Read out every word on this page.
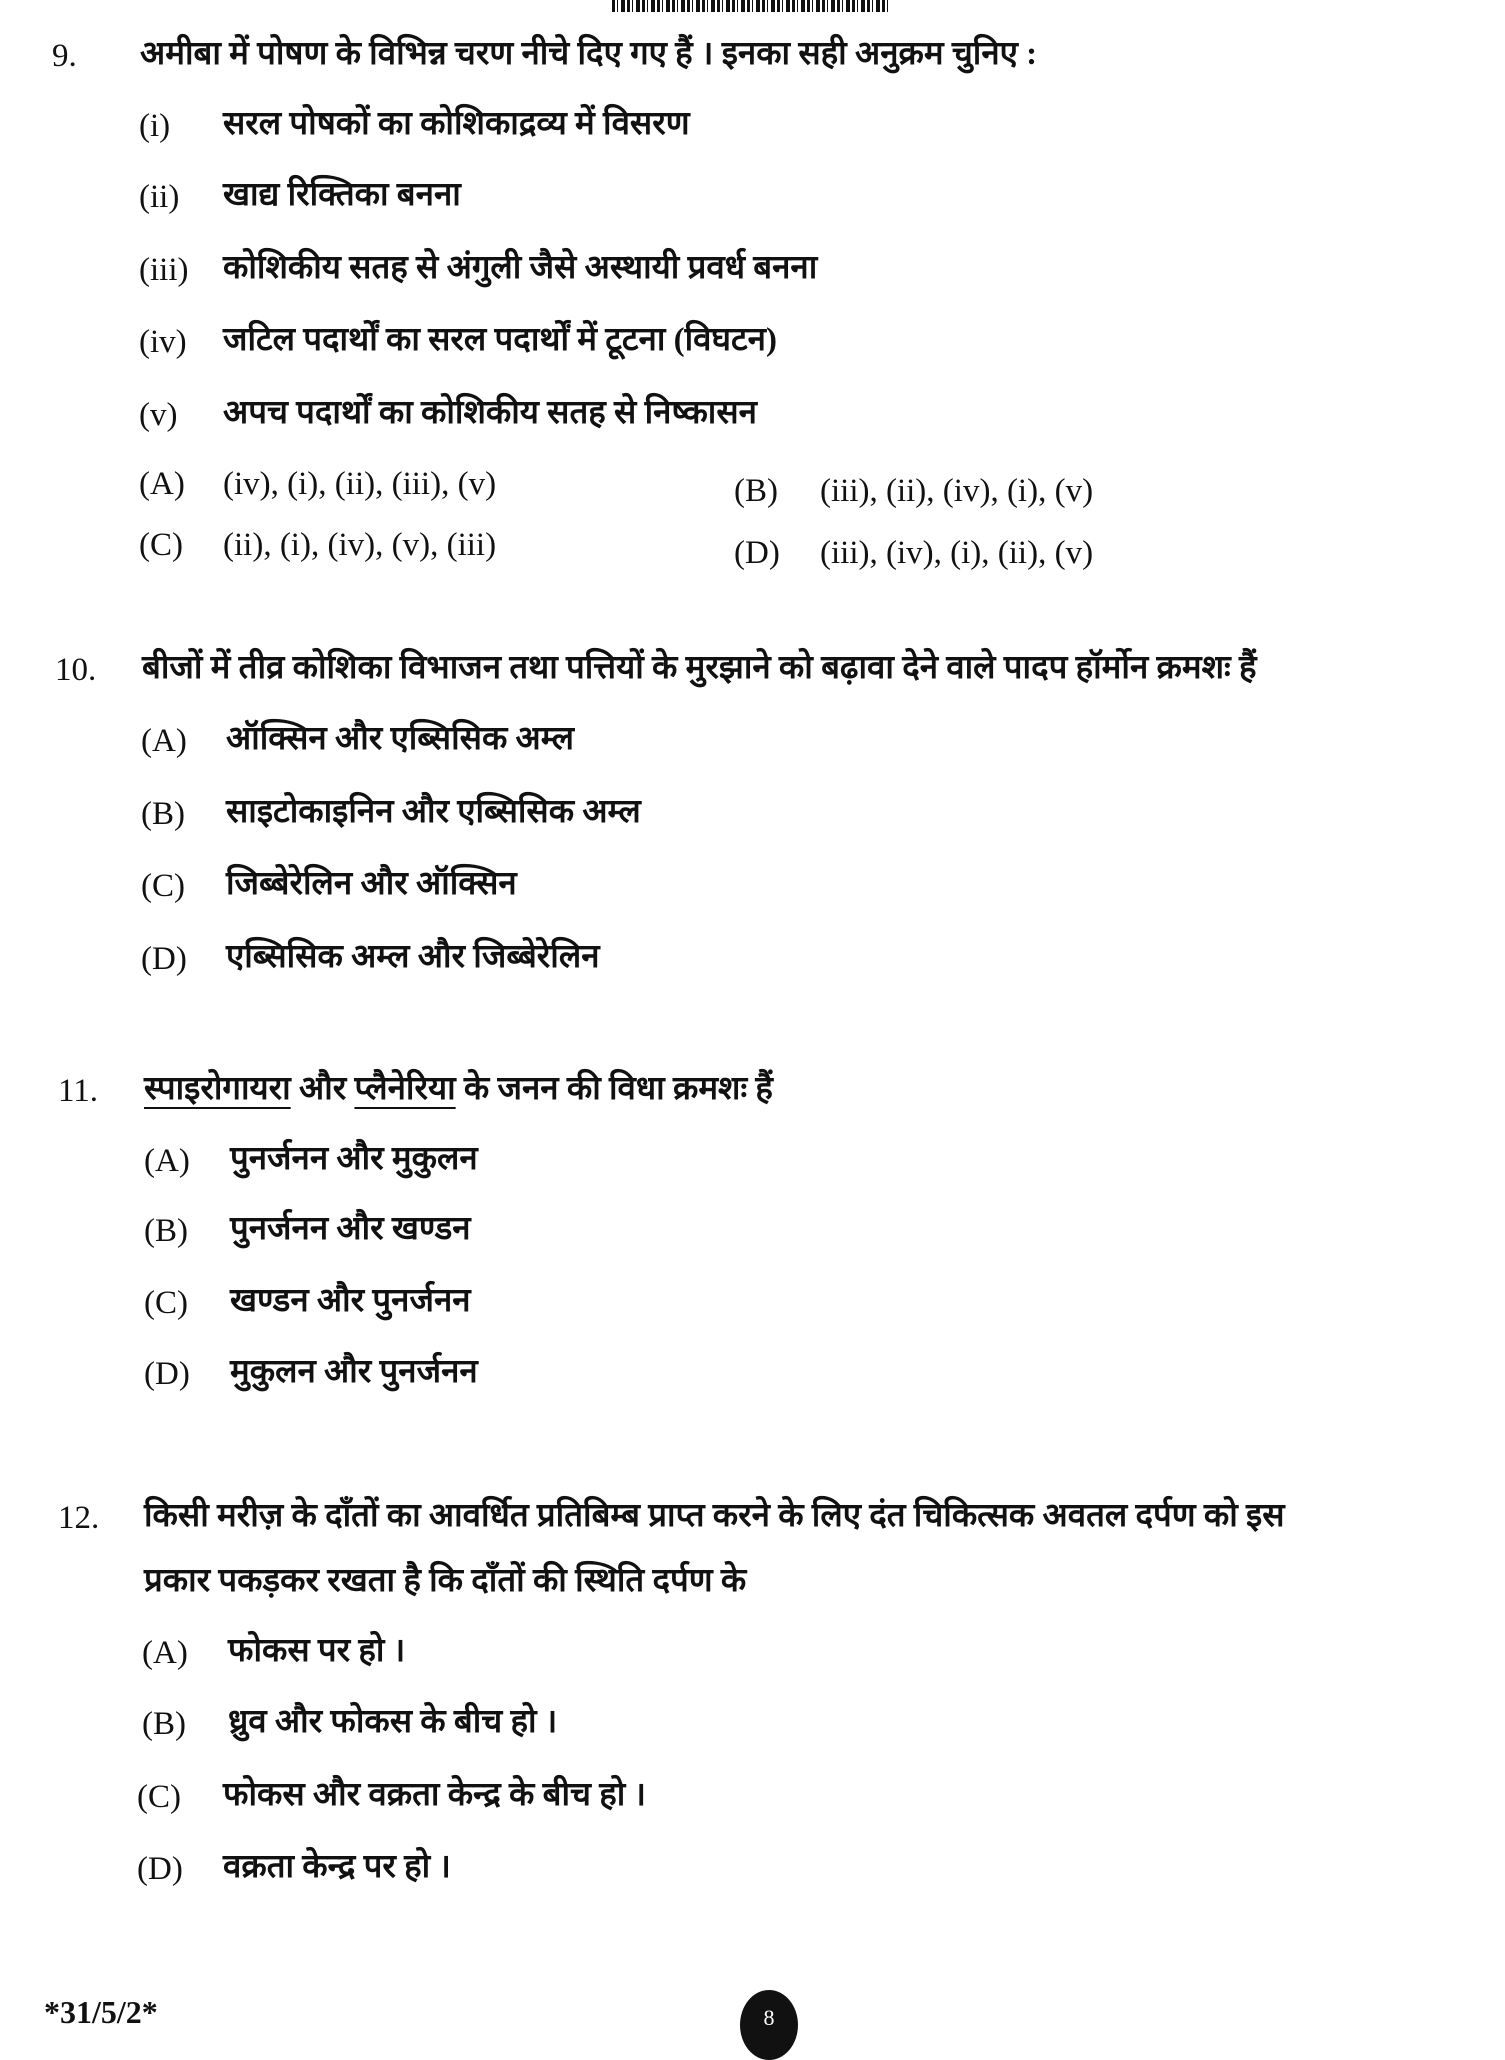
9. अमीबा में पोषण के विभिन्न चरण नीचे दिए गए हैं । इनका सही अनुक्रम चुनिए :
(i) सरल पोषकों का कोशिकाद्रव्य में विसरण
(ii) खाद्य रिक्तिका बनना
(iii) कोशिकीय सतह से अंगुली जैसे अस्थायी प्रवर्ध बनना
(iv) जटिल पदार्थों का सरल पदार्थों में टूटना (विघटन)
(v) अपच पदार्थों का कोशिकीय सतह से निष्कासन
(A) (iv), (i), (ii), (iii), (v)	(B) (iii), (ii), (iv), (i), (v)
(C) (ii), (i), (iv), (v), (iii)	(D) (iii), (iv), (i), (ii), (v)
10. बीजों में तीव्र कोशिका विभाजन तथा पत्तियों के मुरझाने को बढ़ावा देने वाले पादप हॉर्मोन क्रमशः हैं
(A) ऑक्सिन और एब्सिसिक अम्ल
(B) साइटोकाइनिन और एब्सिसिक अम्ल
(C) जिब्बेरेलिन और ऑक्सिन
(D) एब्सिसिक अम्ल और जिब्बेरेलिन
11. स्पाइरोगायरा और प्लैनेरिया के जनन की विधा क्रमशः हैं
(A) पुनर्जनन और मुकुलन
(B) पुनर्जनन और खण्डन
(C) खण्डन और पुनर्जनन
(D) मुकुलन और पुनर्जनन
12. किसी मरीज़ के दाँतों का आवर्धित प्रतिबिम्ब प्राप्त करने के लिए दंत चिकित्सक अवतल दर्पण को इस
प्रकार पकड़कर रखता है कि दाँतों की स्थिति दर्पण के
(A) फोकस पर हो ।
(B) ध्रुव और फोकस के बीच हो ।
(C) फोकस और वक्रता केन्द्र के बीच हो ।
(D) वक्रता केन्द्र पर हो ।
*31/5/2*	8
